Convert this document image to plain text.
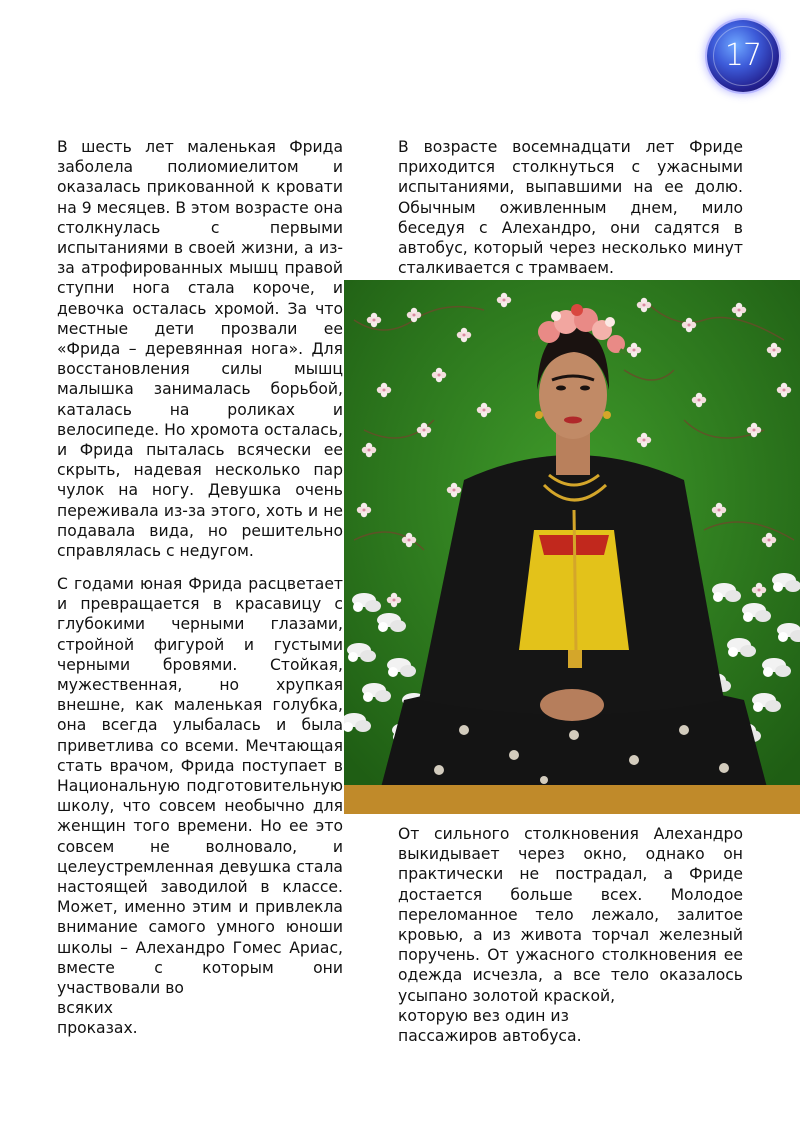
17

В шесть лет маленькая Фрида заболела полиомиелитом и оказалась прикованной к кровати на 9 месяцев. В этом возрасте она столкнулась с первыми испытаниями в своей жизни, а из-за атрофированных мышц правой ступни нога стала короче, и девочка осталась хромой. За что местные дети прозвали ее «Фрида – деревянная нога». Для восстановления силы мышц малышка занималась борьбой, каталась на роликах и велосипеде. Но хромота осталась, и Фрида пыталась всячески ее скрыть, надевая несколько пар чулок на ногу. Девушка очень переживала из-за этого, хоть и не подавала вида, но решительно справлялась с недугом.

С годами юная Фрида расцветает и превращается в красавицу с глубокими черными глазами, стройной фигурой и густыми черными бровями. Стойкая, мужественная, но хрупкая внешне, как маленькая голубка, она всегда улыбалась и была приветлива со всеми. Мечтающая стать врачом, Фрида поступает в Национальную подготовительную школу, что совсем необычно для женщин того времени. Но ее это совсем не волновало, и целеустремленная девушка стала настоящей заводилой в классе. Может, именно этим и привлекла внимание самого умного юноши школы – Алехандро Гомес Ариас, вместе с которым они участвовали во
всяких
проказах.

В возрасте восемнадцати лет Фриде приходится столкнуться с ужасными испытаниями, выпавшими на ее долю. Обычным оживленным днем, мило беседуя с Алехандро, они садятся в автобус, который через несколько минут сталкивается с трамваем.

От сильного столкновения Алехандро выкидывает через окно, однако он практически не пострадал, а Фриде достается больше всех. Молодое переломанное тело лежало, залитое кровью, а из живота торчал железный поручень. От ужасного столкновения ее одежда исчезла, а все тело оказалось усыпано золотой краской,
которую вез один из
пассажиров автобуса.
